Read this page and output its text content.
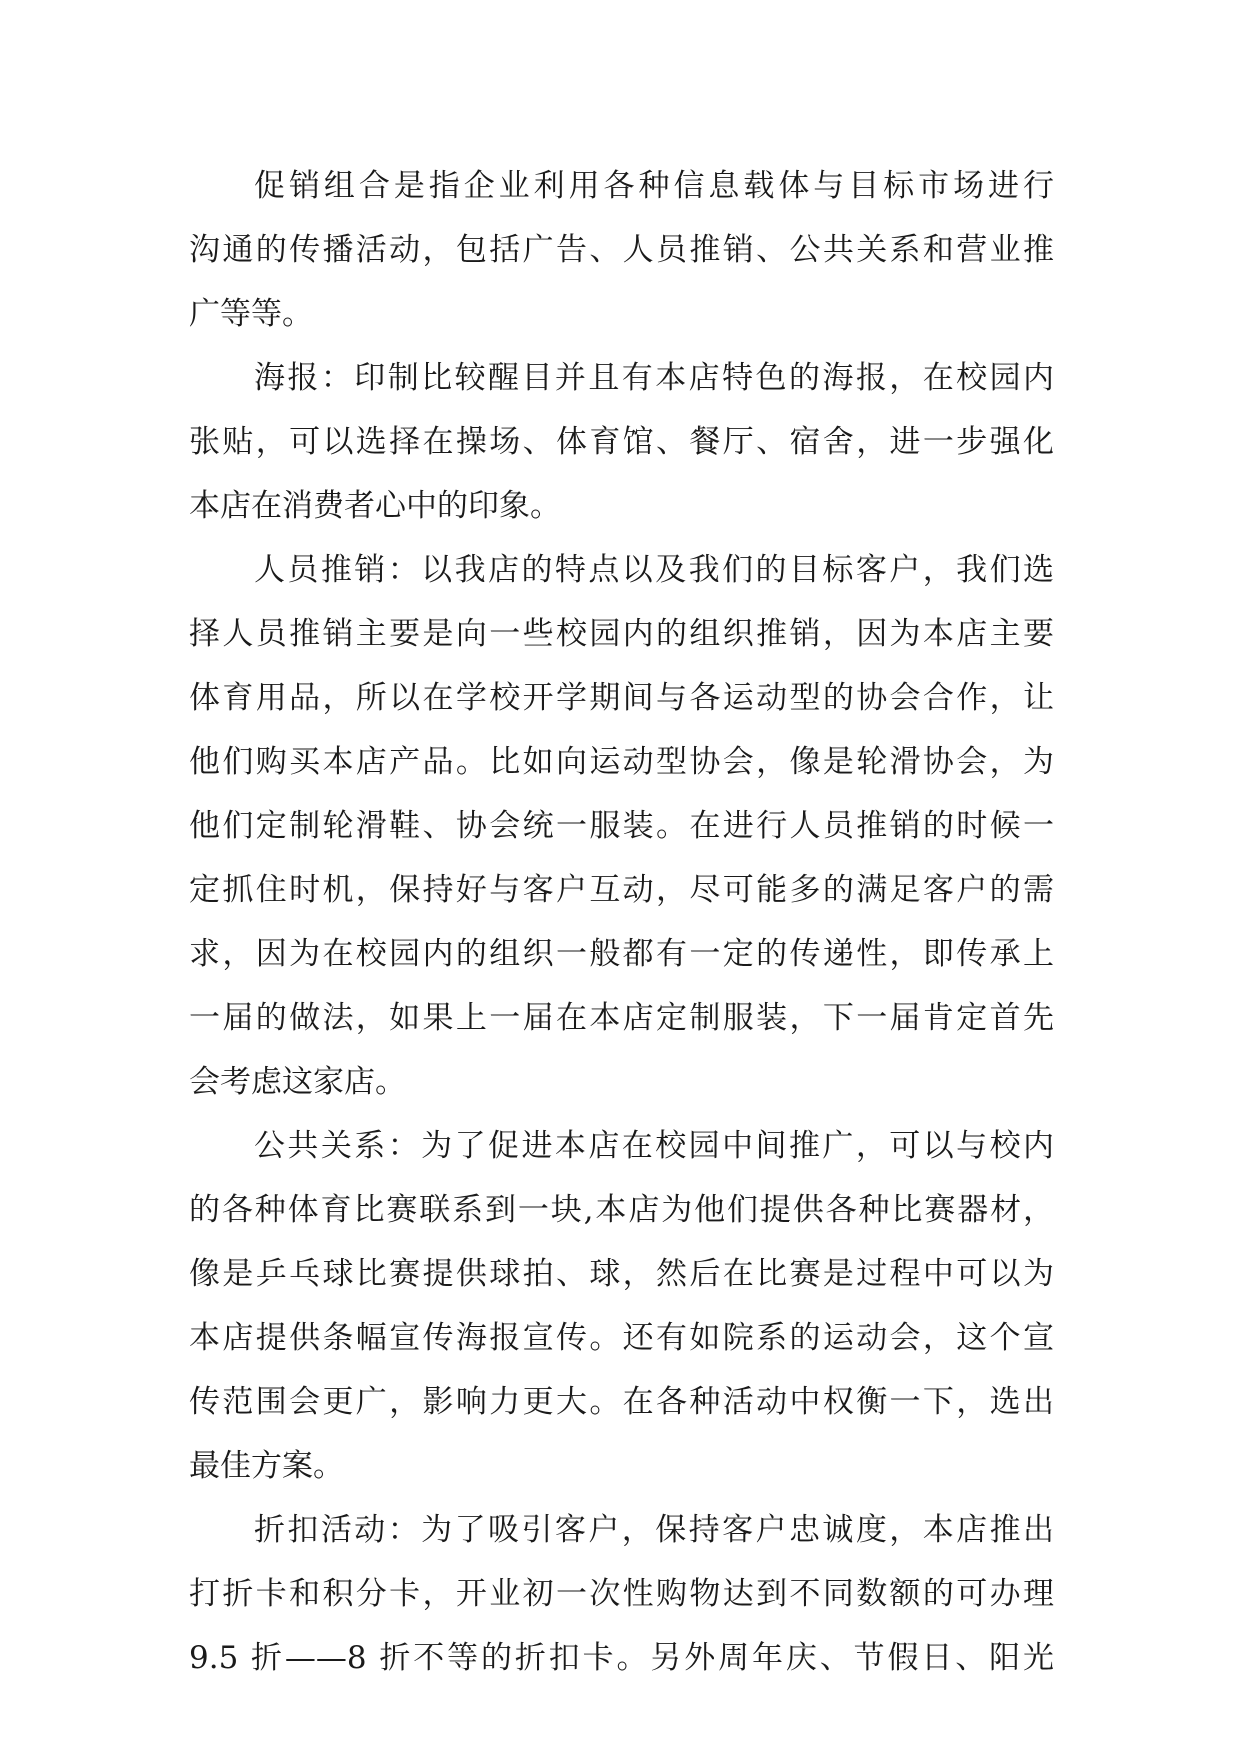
促销组合是指企业利用各种信息载体与目标市场进行
沟通的传播活动，包括广告、人员推销、公共关系和营业推
广等等。
海报：印制比较醒目并且有本店特色的海报，在校园内
张贴，可以选择在操场、体育馆、餐厅、宿舍，进一步强化
本店在消费者心中的印象。
人员推销：以我店的特点以及我们的目标客户，我们选
择人员推销主要是向一些校园内的组织推销，因为本店主要
体育用品，所以在学校开学期间与各运动型的协会合作，让
他们购买本店产品。比如向运动型协会，像是轮滑协会，为
他们定制轮滑鞋、协会统一服装。在进行人员推销的时候一
定抓住时机，保持好与客户互动，尽可能多的满足客户的需
求，因为在校园内的组织一般都有一定的传递性，即传承上
一届的做法，如果上一届在本店定制服装，下一届肯定首先
会考虑这家店。
公共关系：为了促进本店在校园中间推广，可以与校内
的各种体育比赛联系到一块,本店为他们提供各种比赛器材，
像是乒乓球比赛提供球拍、球，然后在比赛是过程中可以为
本店提供条幅宣传海报宣传。还有如院系的运动会，这个宣
传范围会更广，影响力更大。在各种活动中权衡一下，选出
最佳方案。
折扣活动：为了吸引客户，保持客户忠诚度，本店推出
打折卡和积分卡，开业初一次性购物达到不同数额的可办理
9.5 折——8 折不等的折扣卡。另外周年庆、节假日、阳光
